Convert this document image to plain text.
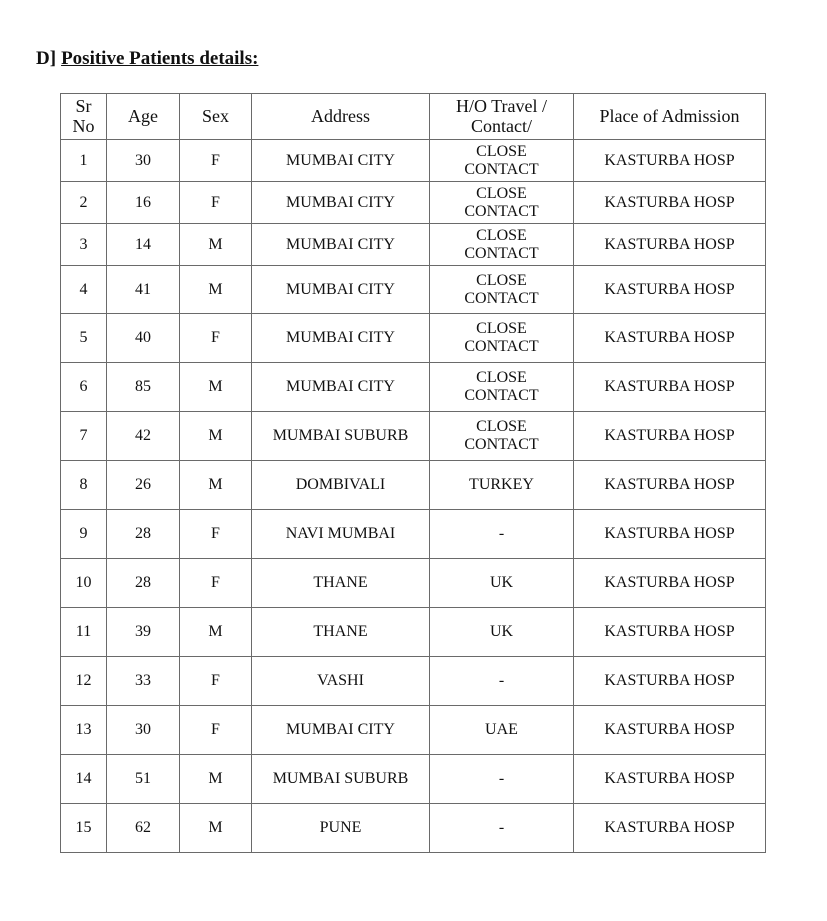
D] Positive Patients details:
Sr No	Age	Sex	Address	H/O Travel / Contact/	Place of Admission
1	30	F	MUMBAI CITY	CLOSE CONTACT	KASTURBA HOSP
2	16	F	MUMBAI CITY	CLOSE CONTACT	KASTURBA HOSP
3	14	M	MUMBAI CITY	CLOSE CONTACT	KASTURBA HOSP
4	41	M	MUMBAI CITY	CLOSE CONTACT	KASTURBA HOSP
5	40	F	MUMBAI CITY	CLOSE CONTACT	KASTURBA HOSP
6	85	M	MUMBAI CITY	CLOSE CONTACT	KASTURBA HOSP
7	42	M	MUMBAI SUBURB	CLOSE CONTACT	KASTURBA HOSP
8	26	M	DOMBIVALI	TURKEY	KASTURBA HOSP
9	28	F	NAVI MUMBAI	-	KASTURBA HOSP
10	28	F	THANE	UK	KASTURBA HOSP
11	39	M	THANE	UK	KASTURBA HOSP
12	33	F	VASHI	-	KASTURBA HOSP
13	30	F	MUMBAI CITY	UAE	KASTURBA HOSP
14	51	M	MUMBAI SUBURB	-	KASTURBA HOSP
15	62	M	PUNE	-	KASTURBA HOSP
